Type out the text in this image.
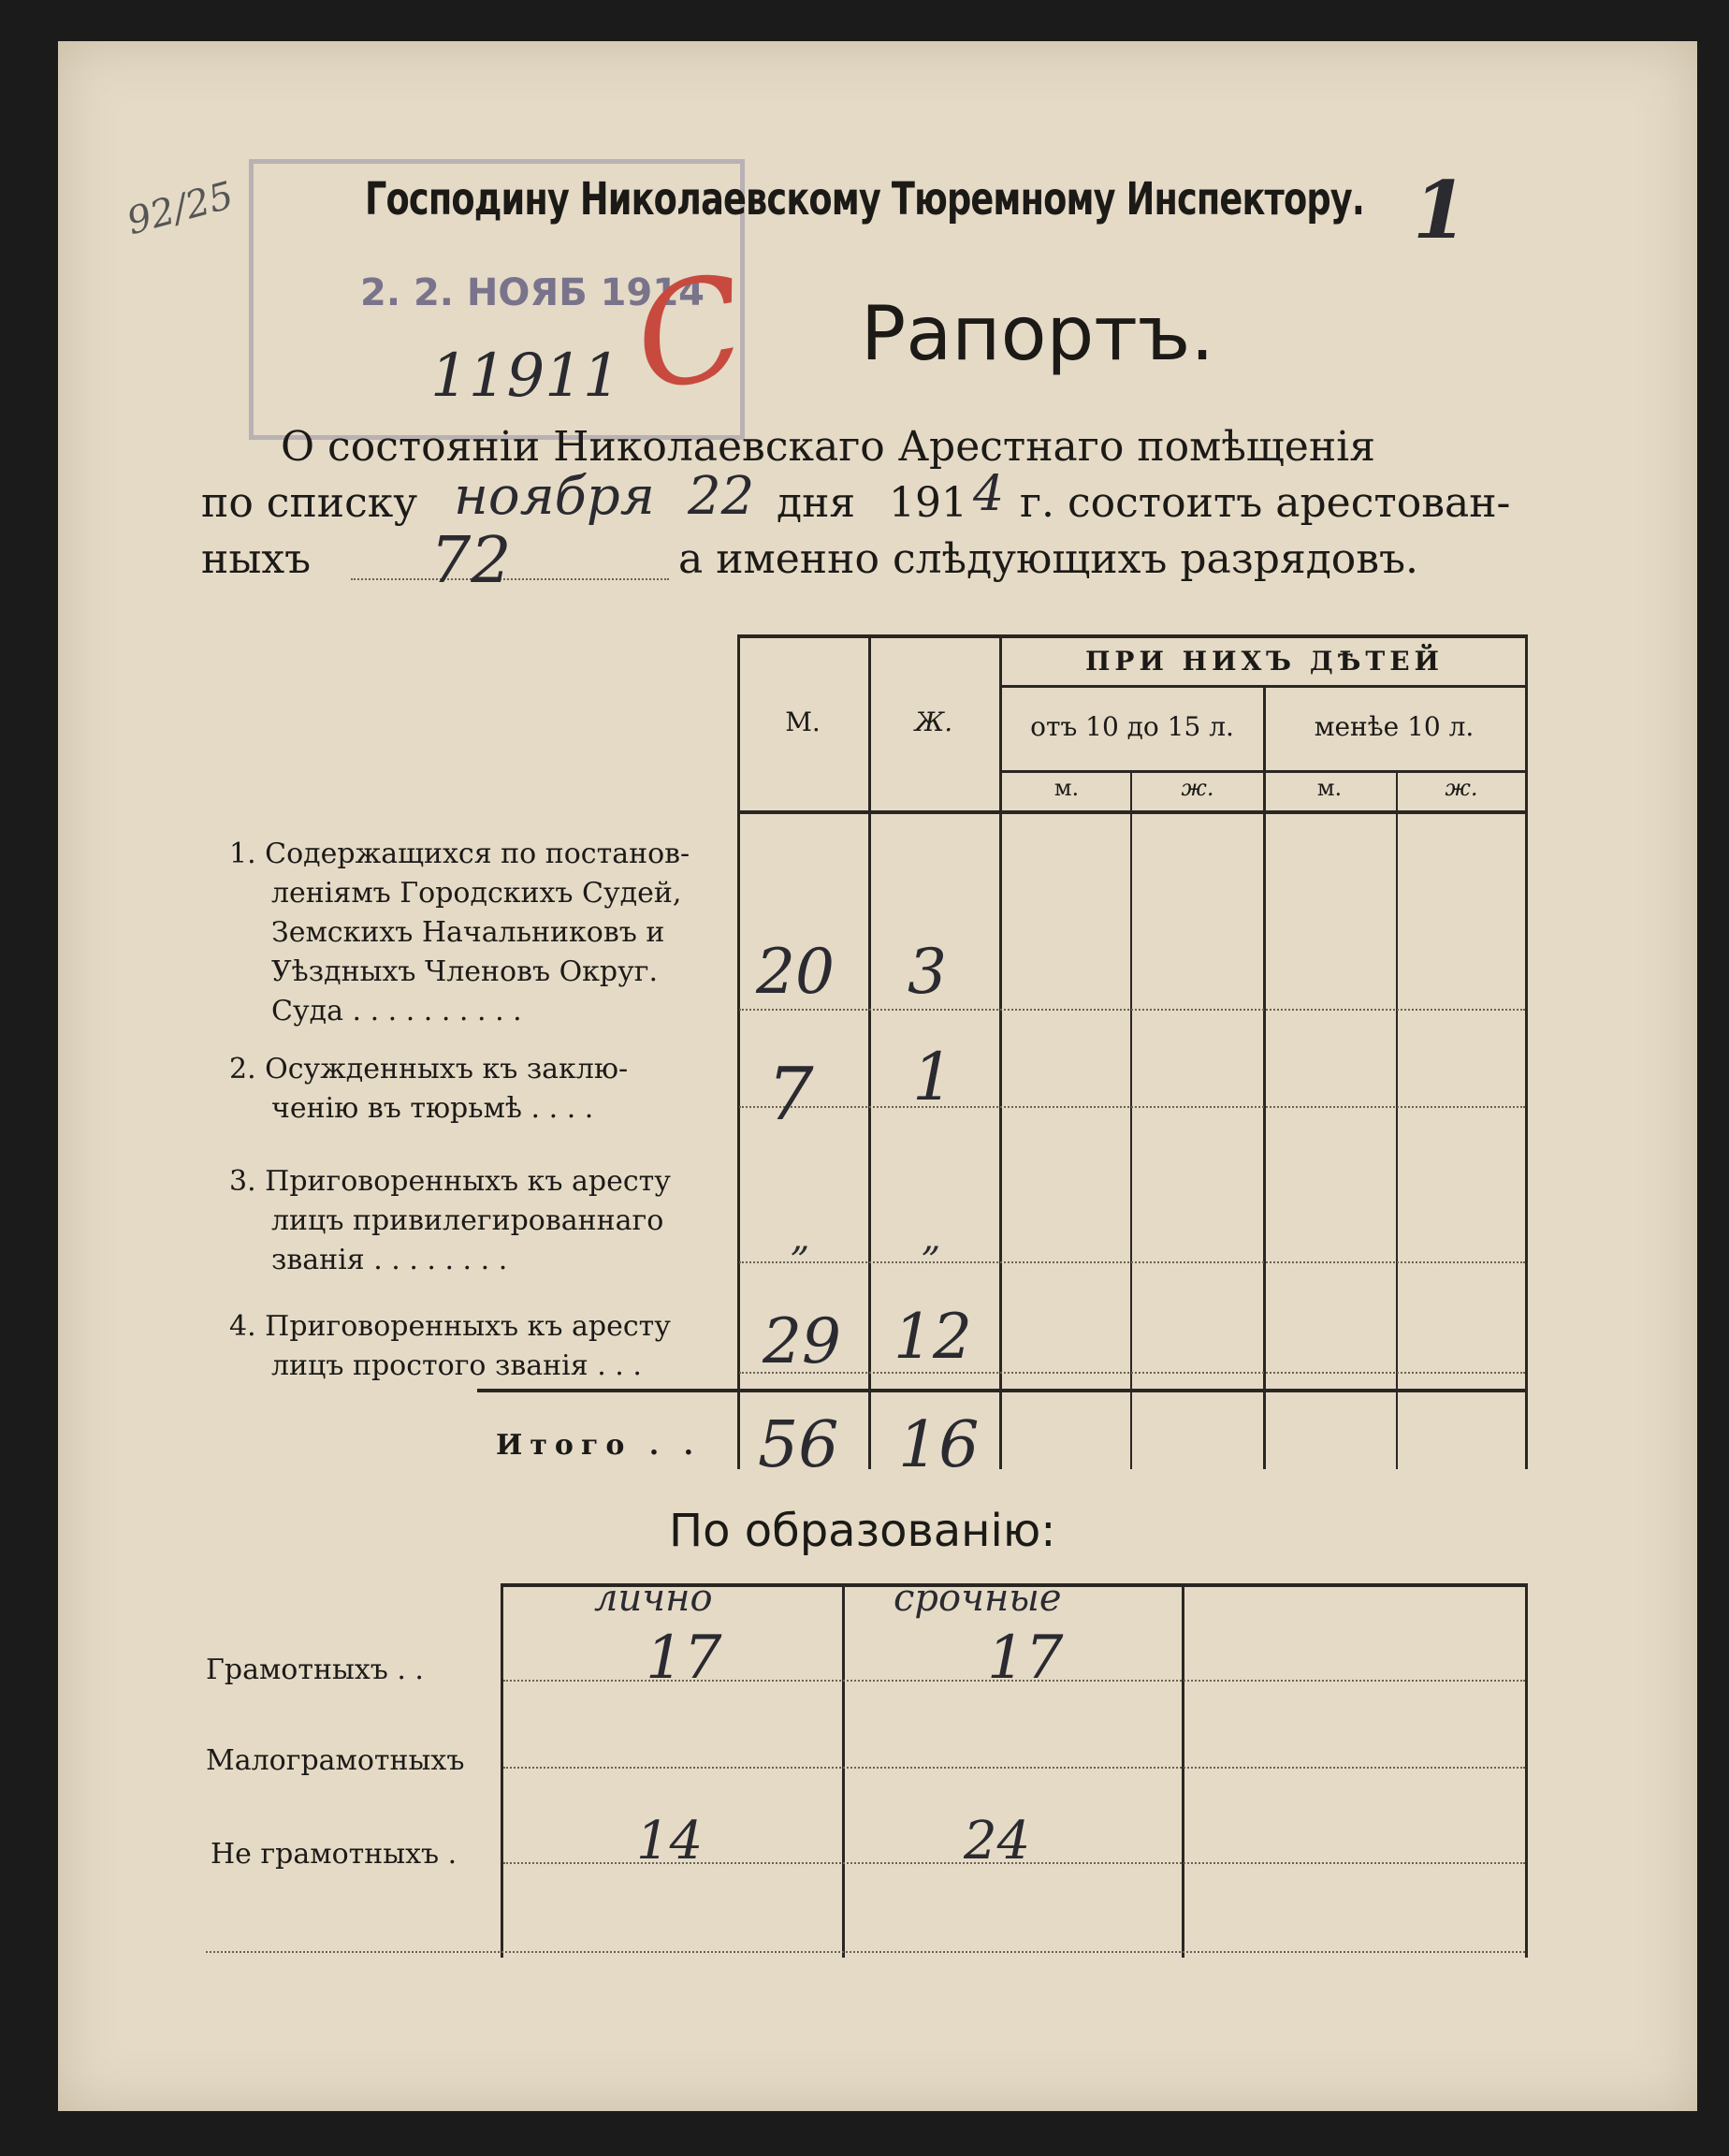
92/25
2. 2. НОЯБ 1914
С
Господину Николаевскому Тюремному Инспектору. 1
Рапортъ.
11911
О состоянiи Николаевскаго Арестнаго помѣщенiя
по списку ноября 22 дня 191 4 г. состоитъ арестован-
ныхъ 72	а именно слѣдующихъ разрядовъ.
М.	Ж.
ПРИ НИХЪ ДѢТЕЙ
отъ 10 до 15 л.	менѣе 10 л.
м.	ж.	м.	ж.
1. Содержащихся по постанов-
леніямъ Городскихъ Судей,
Земскихъ Начальниковъ и
Уѣздныхъ Членовъ Округ.
Суда . . . . . . . . . .
20 3
2. Осужденныхъ къ заклю-
ченію въ тюрьмѣ . . . . 7 1
3. Приговоренныхъ къ аресту
лицъ привилегированнаго
званія . . . . . . . .
„	„
4. Приговоренныхъ къ аресту
лицъ простого званія . . . 29 12
Итого . . 56 16
По образованію:
лично	срочные
Грамотныхъ . .	17	17
Малограмотныхъ
Не грамотныхъ .	14	24
